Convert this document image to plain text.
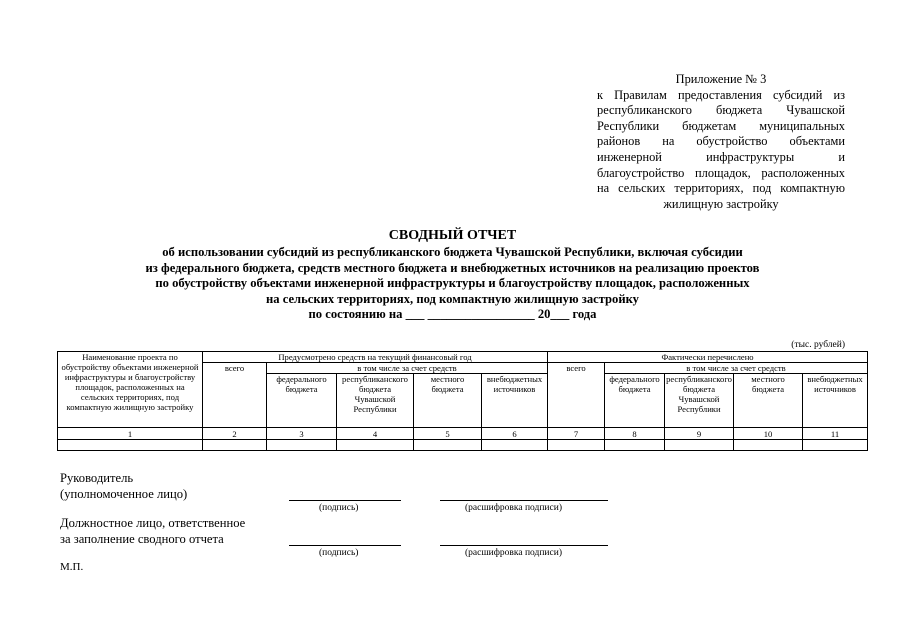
Приложение № 3
к Правилам предоставления субсидий из республиканского бюджета Чувашской Республики бюджетам муниципальных районов на обустройство объектами инженерной инфраструктуры и благоустройство площадок, расположенных на сельских территориях, под компактную жилищную застройку
СВОДНЫЙ ОТЧЕТ
об использовании субсидий из республиканского бюджета Чувашской Республики, включая субсидии
из федерального бюджета, средств местного бюджета и внебюджетных источников на реализацию проектов
по обустройству объектами инженерной инфраструктуры и благоустройству площадок, расположенных
на сельских территориях, под компактную жилищную застройку
по состоянию на ___ _________________ 20___ года
(тыс. рублей)
Наименование проекта по обустройству объектами инженерной инфраструктуры и благоустройству площадок, расположенных на сельских территориях, под компактную жилищную застройку	Предусмотрено средств на текущий финансовый год					Фактически перечислено				
	всего	в том числе за счет средств				всего	в том числе за счет средств			
		федерального бюджета	республиканского бюджета Чувашской Республики	местного бюджета	внебюджетных источников		федерального бюджета	республиканского бюджета Чувашской Республики	местного бюджета	внебюджетных источников
1	2	3	4	5	6	7	8	9	10	11

Руководитель
(уполномоченное лицо)
(подпись)	(расшифровка подписи)
Должностное лицо, ответственное
за заполнение сводного отчета
(подпись)	(расшифровка подписи)
М.П.
